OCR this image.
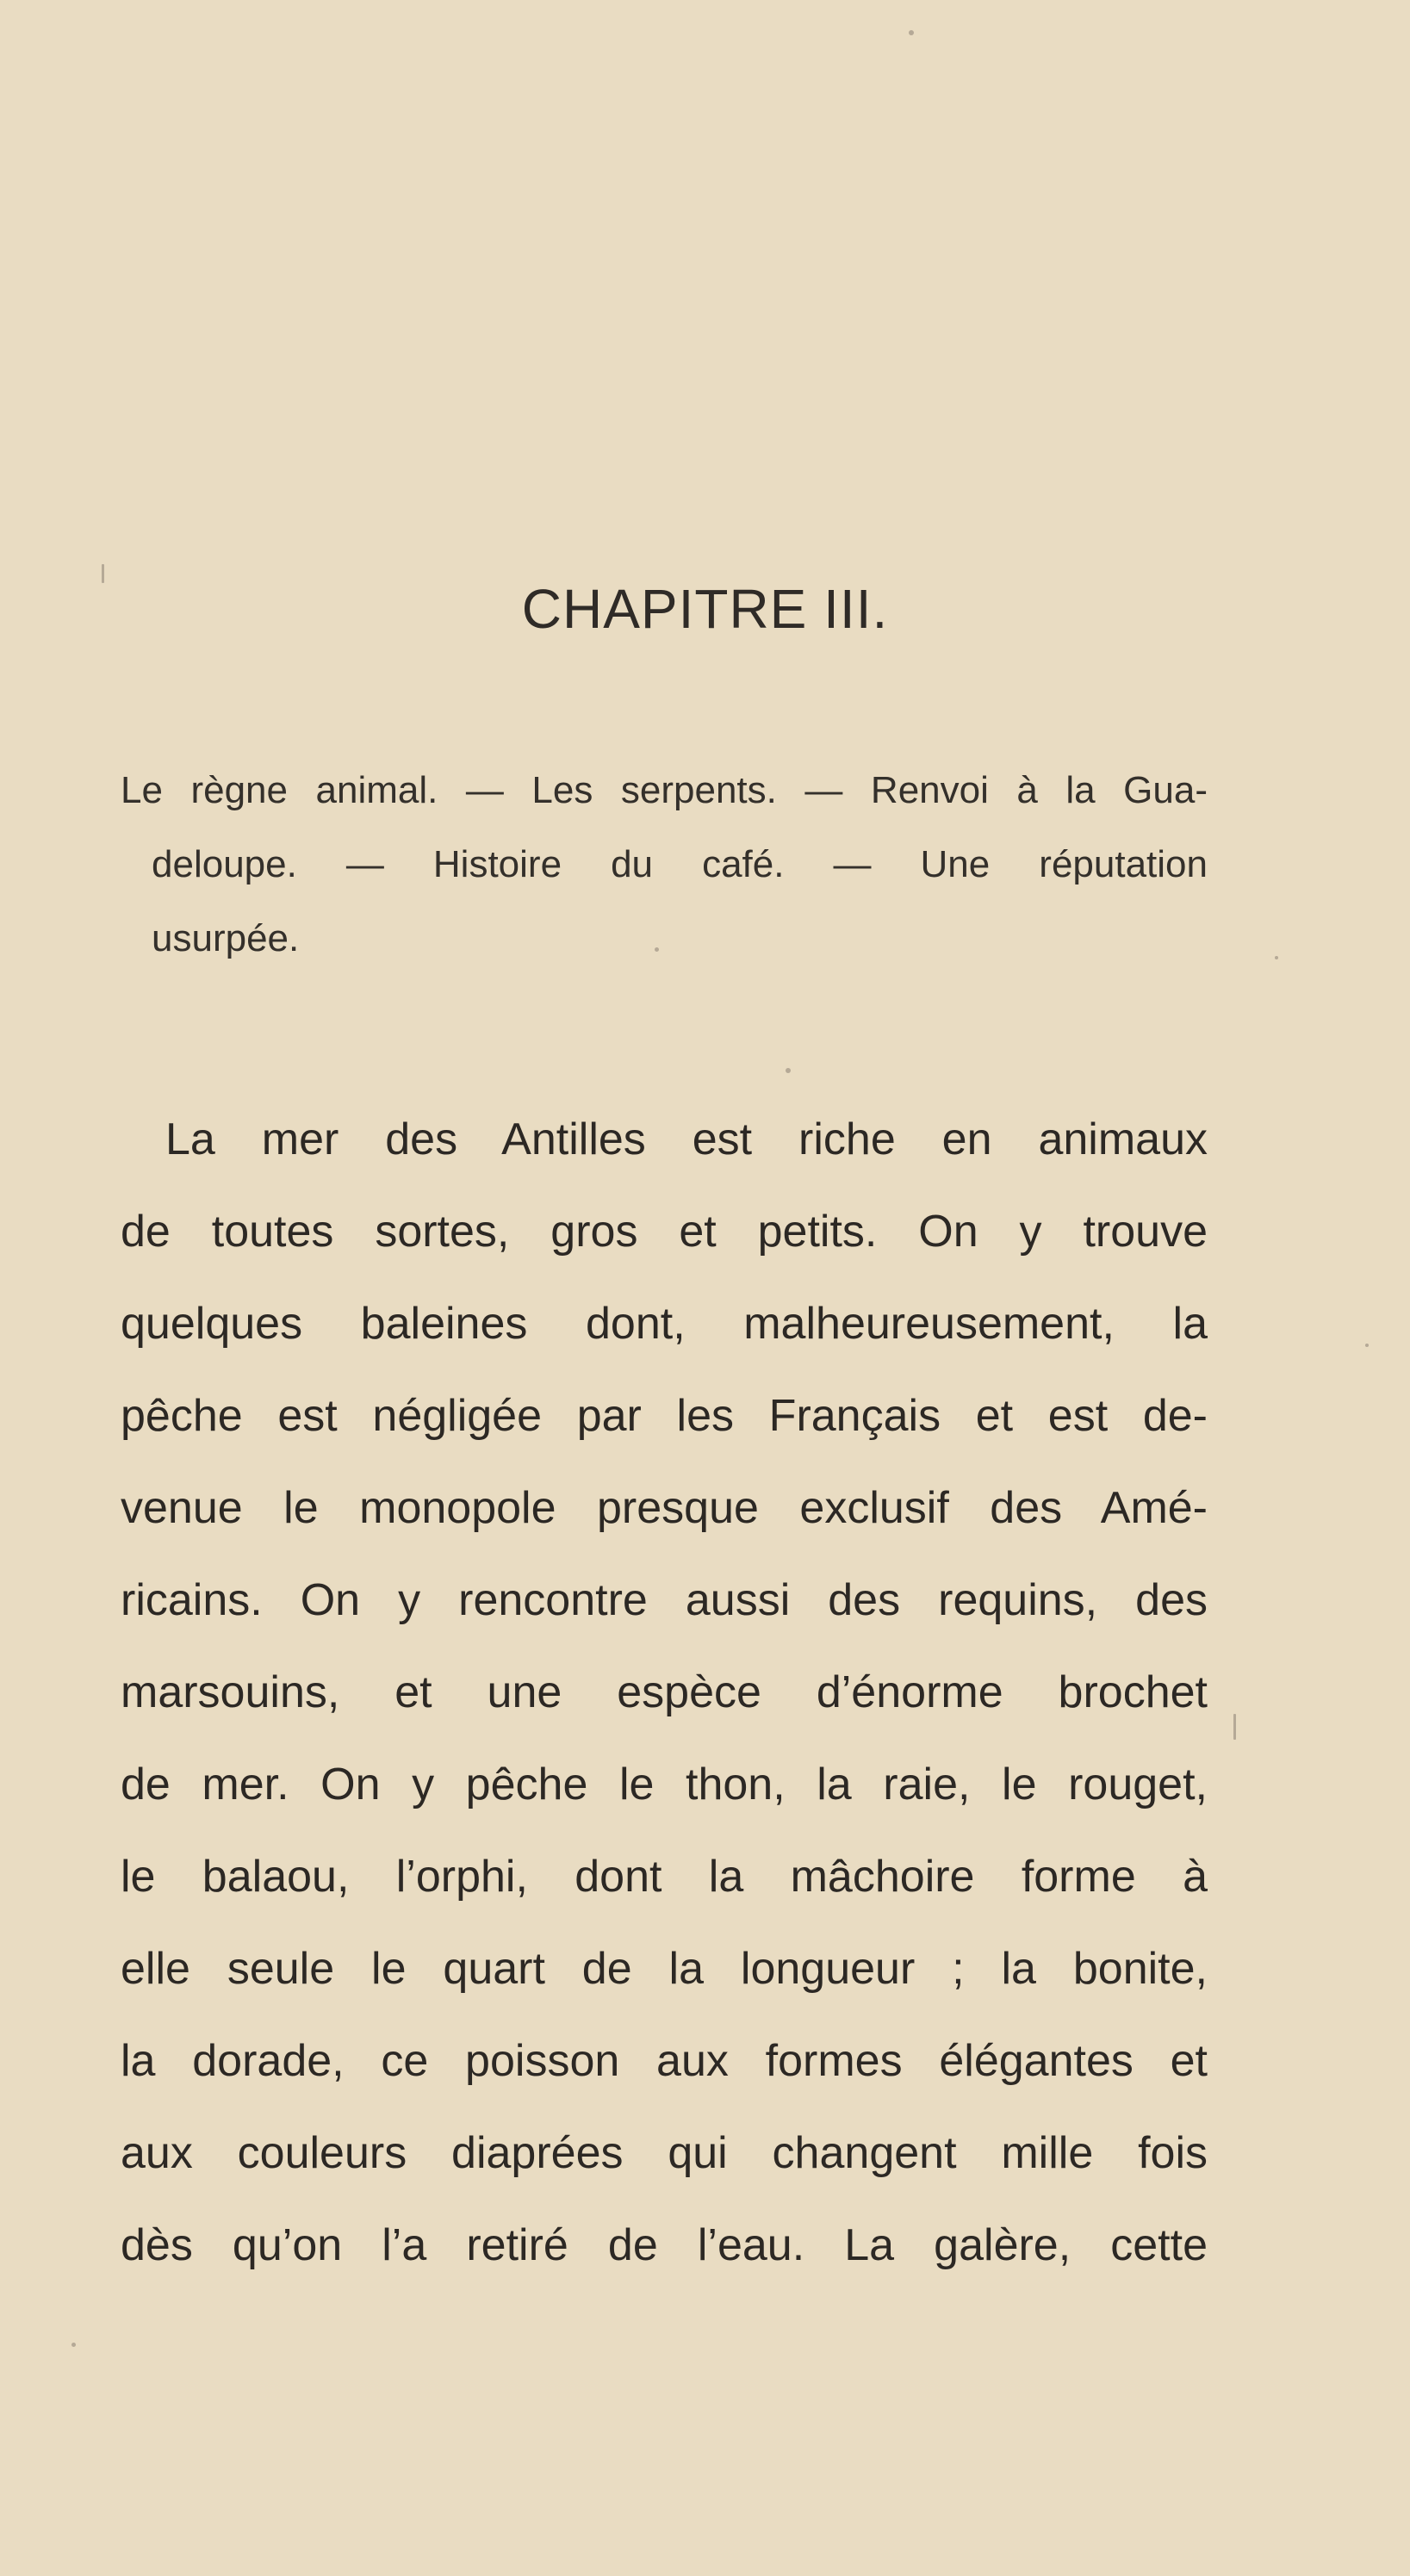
CHAPITRE III.
Le règne animal. — Les serpents. — Renvoi à la Gua-
deloupe. — Histoire du café. — Une réputation
usurpée.
La mer des Antilles est riche en animaux
de toutes sortes, gros et petits. On y trouve
quelques baleines dont, malheureusement, la
pêche est négligée par les Français et est de-
venue le monopole presque exclusif des Amé-
ricains. On y rencontre aussi des requins, des
marsouins, et une espèce d’énorme brochet
de mer. On y pêche le thon, la raie, le rouget,
le balaou, l’orphi, dont la mâchoire forme à
elle seule le quart de la longueur ; la bonite,
la dorade, ce poisson aux formes élégantes et
aux couleurs diaprées qui changent mille fois
dès qu’on l’a retiré de l’eau. La galère, cette
